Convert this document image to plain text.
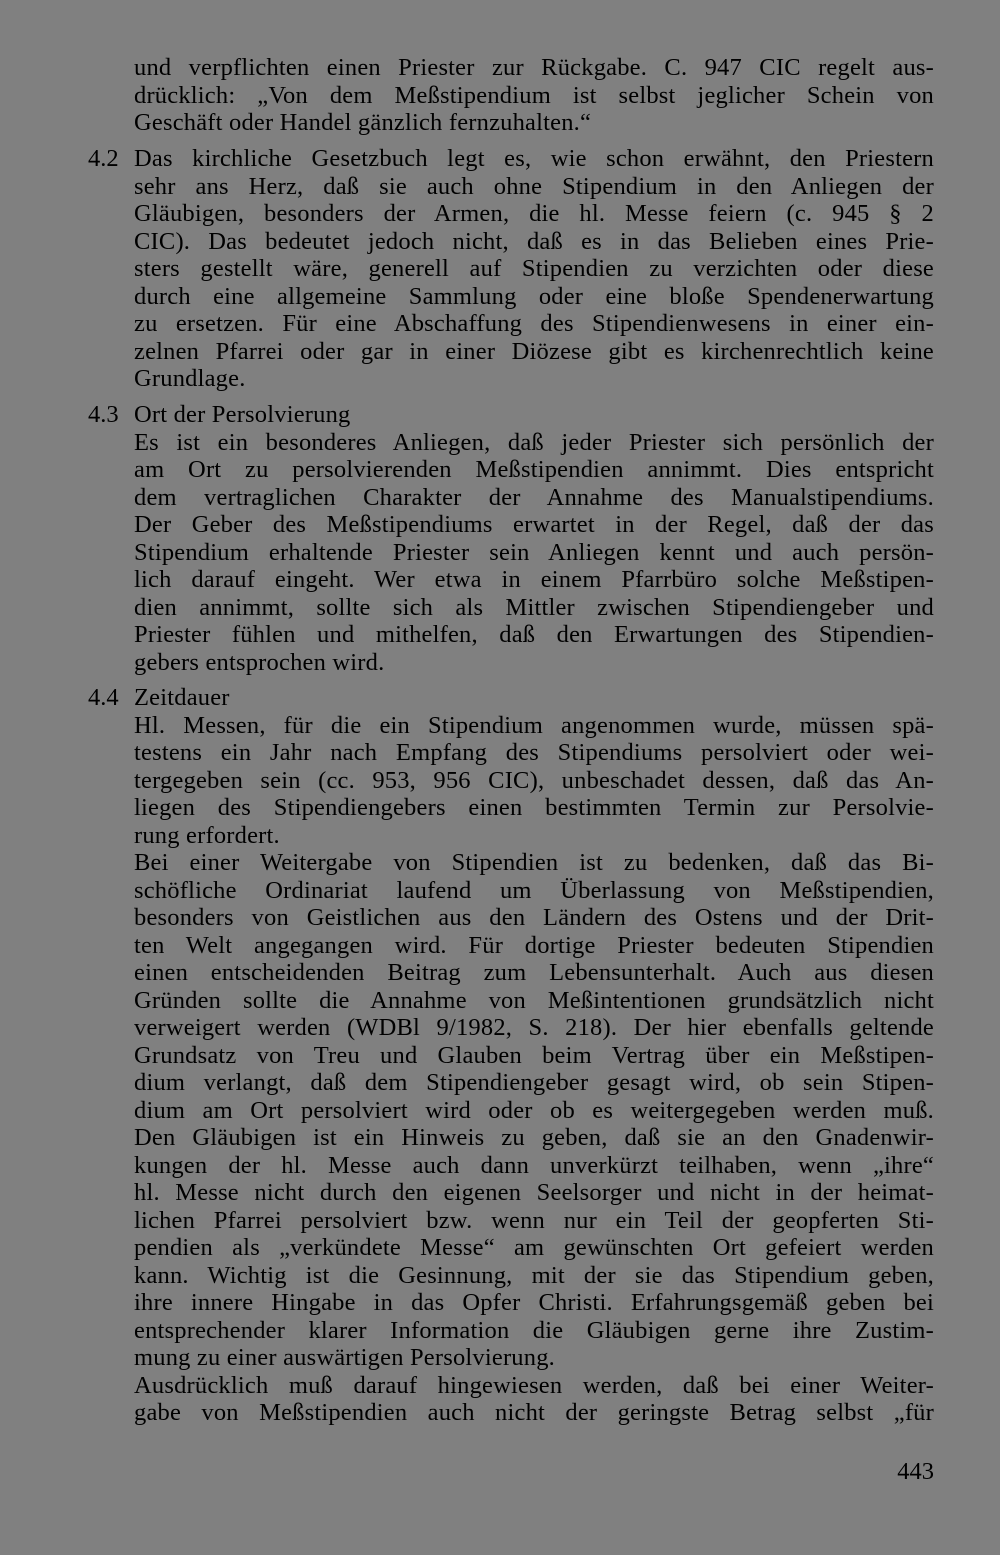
und verpflichten einen Priester zur Rückgabe. C. 947 CIC regelt aus-
drücklich: „Von dem Meßstipendium ist selbst jeglicher Schein von
Geschäft oder Handel gänzlich fernzuhalten.“
4.2 Das kirchliche Gesetzbuch legt es, wie schon erwähnt, den Priestern
sehr ans Herz, daß sie auch ohne Stipendium in den Anliegen der
Gläubigen, besonders der Armen, die hl. Messe feiern (c. 945 § 2
CIC). Das bedeutet jedoch nicht, daß es in das Belieben eines Prie-
sters gestellt wäre, generell auf Stipendien zu verzichten oder diese
durch eine allgemeine Sammlung oder eine bloße Spendenerwartung
zu ersetzen. Für eine Abschaffung des Stipendienwesens in einer ein-
zelnen Pfarrei oder gar in einer Diözese gibt es kirchenrechtlich keine
Grundlage.
4.3 Ort der Persolvierung
Es ist ein besonderes Anliegen, daß jeder Priester sich persönlich der
am Ort zu persolvierenden Meßstipendien annimmt. Dies entspricht
dem vertraglichen Charakter der Annahme des Manualstipendiums.
Der Geber des Meßstipendiums erwartet in der Regel, daß der das
Stipendium erhaltende Priester sein Anliegen kennt und auch persön-
lich darauf eingeht. Wer etwa in einem Pfarrbüro solche Meßstipen-
dien annimmt, sollte sich als Mittler zwischen Stipendiengeber und
Priester fühlen und mithelfen, daß den Erwartungen des Stipendien-
gebers entsprochen wird.
4.4 Zeitdauer
Hl. Messen, für die ein Stipendium angenommen wurde, müssen spä-
testens ein Jahr nach Empfang des Stipendiums persolviert oder wei-
tergegeben sein (cc. 953, 956 CIC), unbeschadet dessen, daß das An-
liegen des Stipendiengebers einen bestimmten Termin zur Persolvie-
rung erfordert.
Bei einer Weitergabe von Stipendien ist zu bedenken, daß das Bi-
schöfliche Ordinariat laufend um Überlassung von Meßstipendien,
besonders von Geistlichen aus den Ländern des Ostens und der Drit-
ten Welt angegangen wird. Für dortige Priester bedeuten Stipendien
einen entscheidenden Beitrag zum Lebensunterhalt. Auch aus diesen
Gründen sollte die Annahme von Meßintentionen grundsätzlich nicht
verweigert werden (WDBl 9/1982, S. 218). Der hier ebenfalls geltende
Grundsatz von Treu und Glauben beim Vertrag über ein Meßstipen-
dium verlangt, daß dem Stipendiengeber gesagt wird, ob sein Stipen-
dium am Ort persolviert wird oder ob es weitergegeben werden muß.
Den Gläubigen ist ein Hinweis zu geben, daß sie an den Gnadenwir-
kungen der hl. Messe auch dann unverkürzt teilhaben, wenn „ihre“
hl. Messe nicht durch den eigenen Seelsorger und nicht in der heimat-
lichen Pfarrei persolviert bzw. wenn nur ein Teil der geopferten Sti-
pendien als „verkündete Messe“ am gewünschten Ort gefeiert werden
kann. Wichtig ist die Gesinnung, mit der sie das Stipendium geben,
ihre innere Hingabe in das Opfer Christi. Erfahrungsgemäß geben bei
entsprechender klarer Information die Gläubigen gerne ihre Zustim-
mung zu einer auswärtigen Persolvierung.
Ausdrücklich muß darauf hingewiesen werden, daß bei einer Weiter-
gabe von Meßstipendien auch nicht der geringste Betrag selbst „für
443
